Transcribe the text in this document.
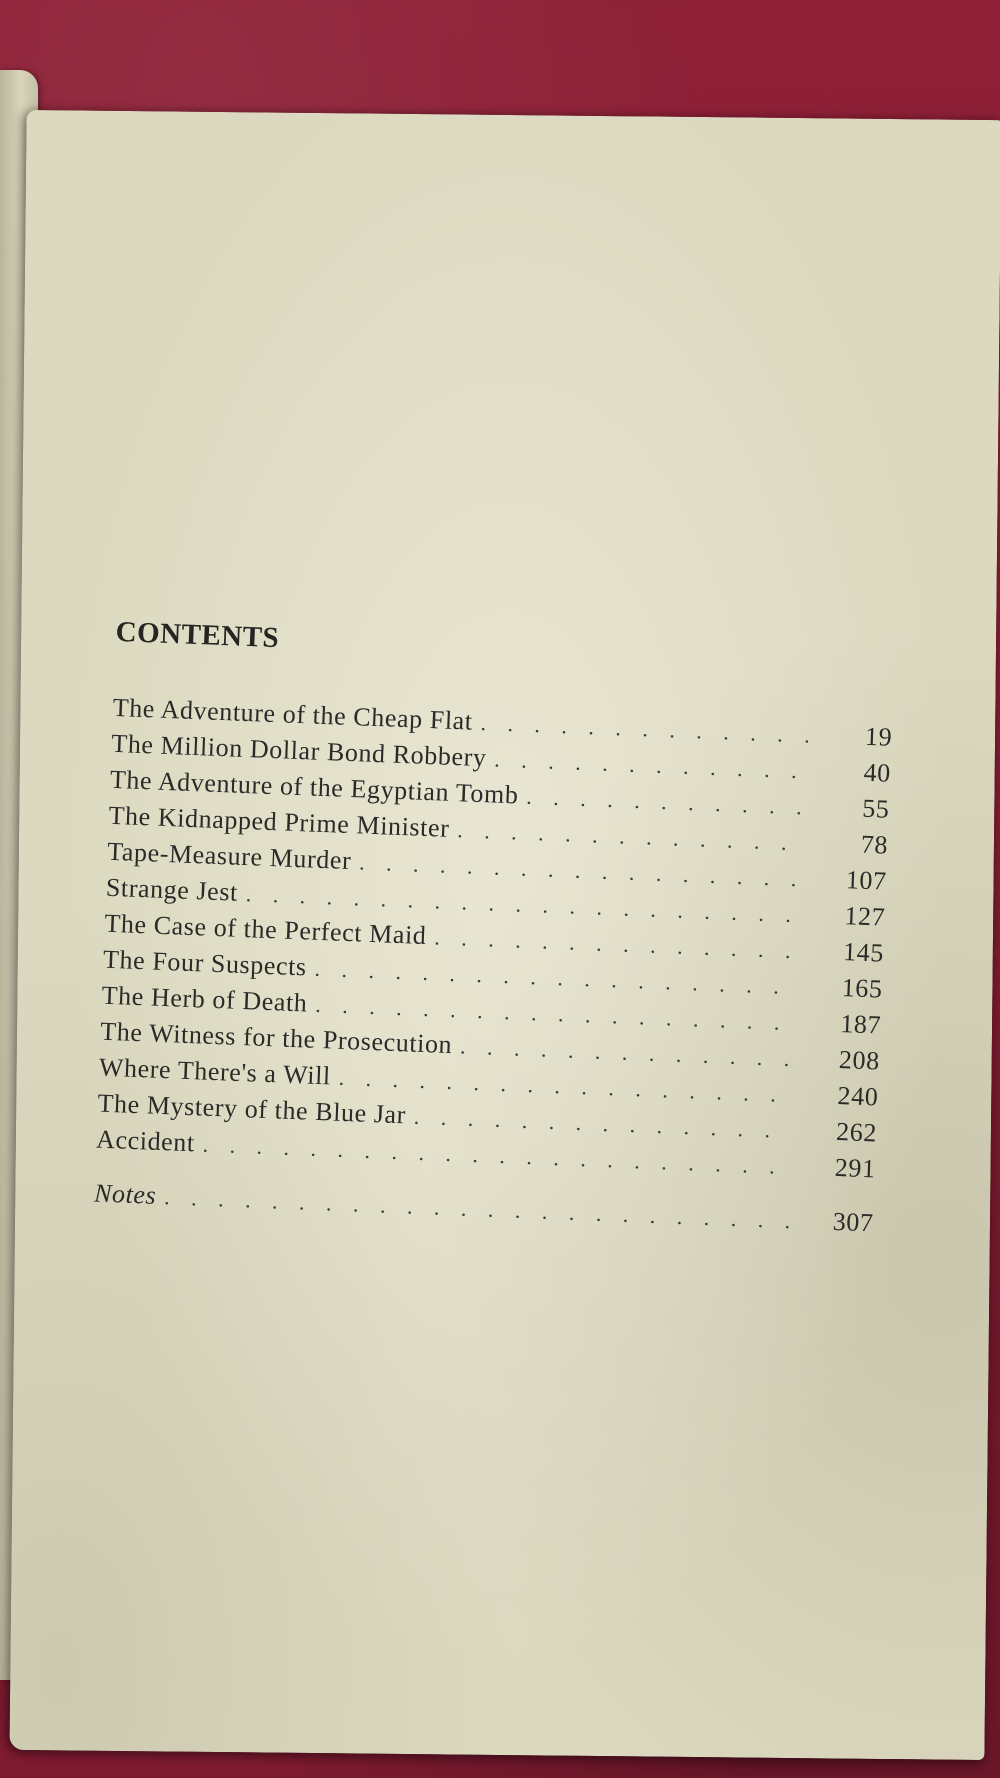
CONTENTS
The Adventure of the Cheap Flat
. . .
19
The Million Dollar Bond Robbery
. . .
40
The Adventure of the Egyptian Tomb
. . .	55
The Kidnapped Prime Minister
. . .
78
Tape-Measure Murder
. . .
107
Strange Jest
. . .
127
The Case of the Perfect Maid
. . .
145
The Four Suspects
. . .
165
The Herb of Death
. . .
187
The Witness for the Prosecution
. . .
208
Where There's a Will
. . .
240
The Mystery of the Blue Jar
. . .
262
Accident
. . .
291
Notes
. . .
307
